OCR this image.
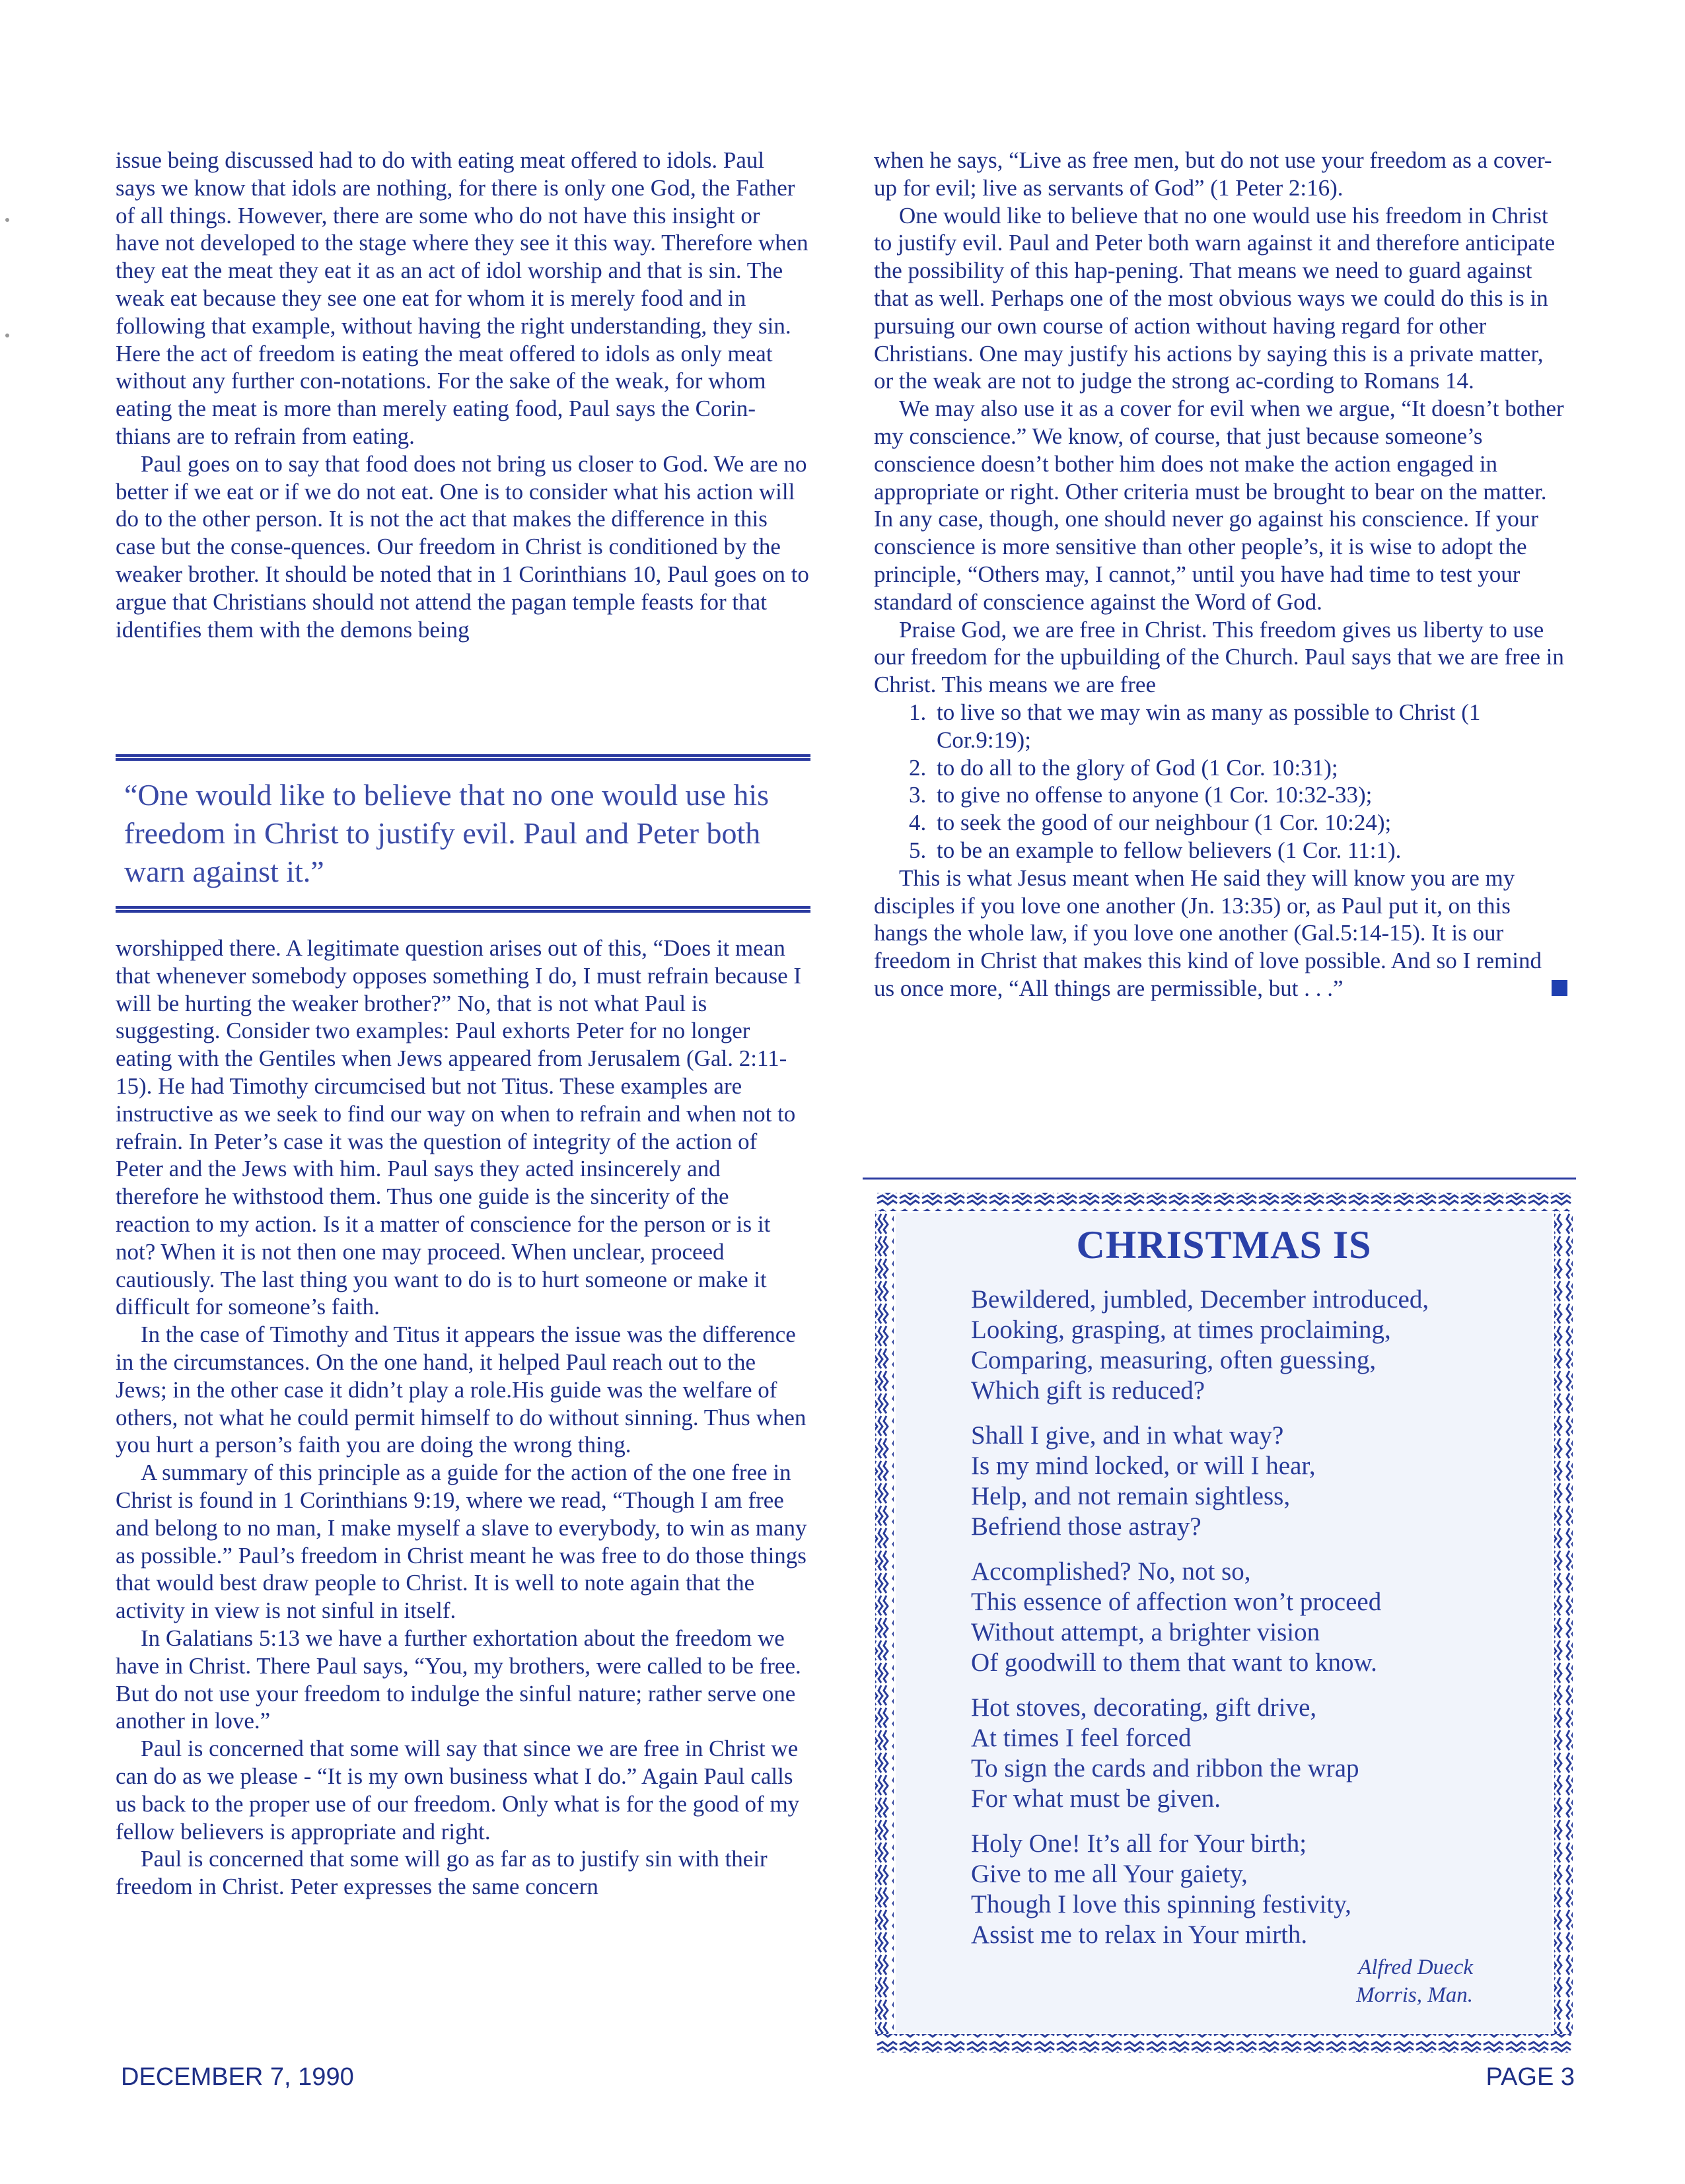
issue being discussed had to do with eating meat offered to idols. Paul says we know that idols are nothing, for there is only one God, the Father of all things. However, there are some who do not have this insight or have not developed to the stage where they see it this way. Therefore when they eat the meat they eat it as an act of idol worship and that is sin. The weak eat because they see one eat for whom it is merely food and in following that example, without having the right understanding, they sin. Here the act of freedom is eating the meat offered to idols as only meat without any further con-notations. For the sake of the weak, for whom eating the meat is more than merely eating food, Paul says the Corin-thians are to refrain from eating.

Paul goes on to say that food does not bring us closer to God. We are no better if we eat or if we do not eat. One is to consider what his action will do to the other person. It is not the act that makes the difference in this case but the conse-quences. Our freedom in Christ is conditioned by the weaker brother. It should be noted that in 1 Corinthians 10, Paul goes on to argue that Christians should not attend the pagan temple feasts for that identifies them with the demons being

“One would like to believe that no one would use his freedom in Christ to justify evil. Paul and Peter both warn against it.”

worshipped there. A legitimate question arises out of this, “Does it mean that whenever somebody opposes something I do, I must refrain because I will be hurting the weaker brother?” No, that is not what Paul is suggesting. Consider two examples: Paul exhorts Peter for no longer eating with the Gentiles when Jews appeared from Jerusalem (Gal. 2:11-15). He had Timothy circumcised but not Titus. These examples are instructive as we seek to find our way on when to refrain and when not to refrain. In Peter’s case it was the question of integrity of the action of Peter and the Jews with him. Paul says they acted insincerely and therefore he withstood them. Thus one guide is the sincerity of the reaction to my action. Is it a matter of conscience for the person or is it not? When it is not then one may proceed. When unclear, proceed cautiously. The last thing you want to do is to hurt someone or make it difficult for someone’s faith.

In the case of Timothy and Titus it appears the issue was the difference in the circumstances. On the one hand, it helped Paul reach out to the Jews; in the other case it didn’t play a role.His guide was the welfare of others, not what he could permit himself to do without sinning. Thus when you hurt a person’s faith you are doing the wrong thing.

A summary of this principle as a guide for the action of the one free in Christ is found in 1 Corinthians 9:19, where we read, “Though I am free and belong to no man, I make myself a slave to everybody, to win as many as possible.” Paul’s freedom in Christ meant he was free to do those things that would best draw people to Christ. It is well to note again that the activity in view is not sinful in itself.

In Galatians 5:13 we have a further exhortation about the freedom we have in Christ. There Paul says, “You, my brothers, were called to be free. But do not use your freedom to indulge the sinful nature; rather serve one another in love.”

Paul is concerned that some will say that since we are free in Christ we can do as we please - “It is my own business what I do.” Again Paul calls us back to the proper use of our freedom. Only what is for the good of my fellow believers is appropriate and right.

Paul is concerned that some will go as far as to justify sin with their freedom in Christ. Peter expresses the same concern

when he says, “Live as free men, but do not use your freedom as a cover-up for evil; live as servants of God” (1 Peter 2:16).

One would like to believe that no one would use his freedom in Christ to justify evil. Paul and Peter both warn against it and therefore anticipate the possibility of this hap-pening. That means we need to guard against that as well. Perhaps one of the most obvious ways we could do this is in pursuing our own course of action without having regard for other Christians. One may justify his actions by saying this is a private matter, or the weak are not to judge the strong ac-cording to Romans 14.

We may also use it as a cover for evil when we argue, “It doesn’t bother my conscience.” We know, of course, that just because someone’s conscience doesn’t bother him does not make the action engaged in appropriate or right. Other criteria must be brought to bear on the matter. In any case, though, one should never go against his conscience. If your conscience is more sensitive than other people’s, it is wise to adopt the principle, “Others may, I cannot,” until you have had time to test your standard of conscience against the Word of God.

Praise God, we are free in Christ. This freedom gives us liberty to use our freedom for the upbuilding of the Church. Paul says that we are free in Christ. This means we are free

1. to live so that we may win as many as possible to Christ (1 Cor.9:19);
2. to do all to the glory of God (1 Cor. 10:31);
3. to give no offense to anyone (1 Cor. 10:32-33);
4. to seek the good of our neighbour (1 Cor. 10:24);
5. to be an example to fellow believers (1 Cor. 11:1).

This is what Jesus meant when He said they will know you are my disciples if you love one another (Jn. 13:35) or, as Paul put it, on this hangs the whole law, if you love one another (Gal.5:14-15). It is our freedom in Christ that makes this kind of love possible. And so I remind us once more, “All things are permissible, but . . .”

CHRISTMAS IS
Bewildered, jumbled, December introduced,
Looking, grasping, at times proclaiming,
Comparing, measuring, often guessing,
Which gift is reduced?
Shall I give, and in what way?
Is my mind locked, or will I hear,
Help, and not remain sightless,
Befriend those astray?
Accomplished? No, not so,
This essence of affection won’t proceed
Without attempt, a brighter vision
Of goodwill to them that want to know.
Hot stoves, decorating, gift drive,
At times I feel forced
To sign the cards and ribbon the wrap
For what must be given.
Holy One! It’s all for Your birth;
Give to me all Your gaiety,
Though I love this spinning festivity,
Assist me to relax in Your mirth.
Alfred Dueck
Morris, Man.
DECEMBER 7, 1990	PAGE 3
